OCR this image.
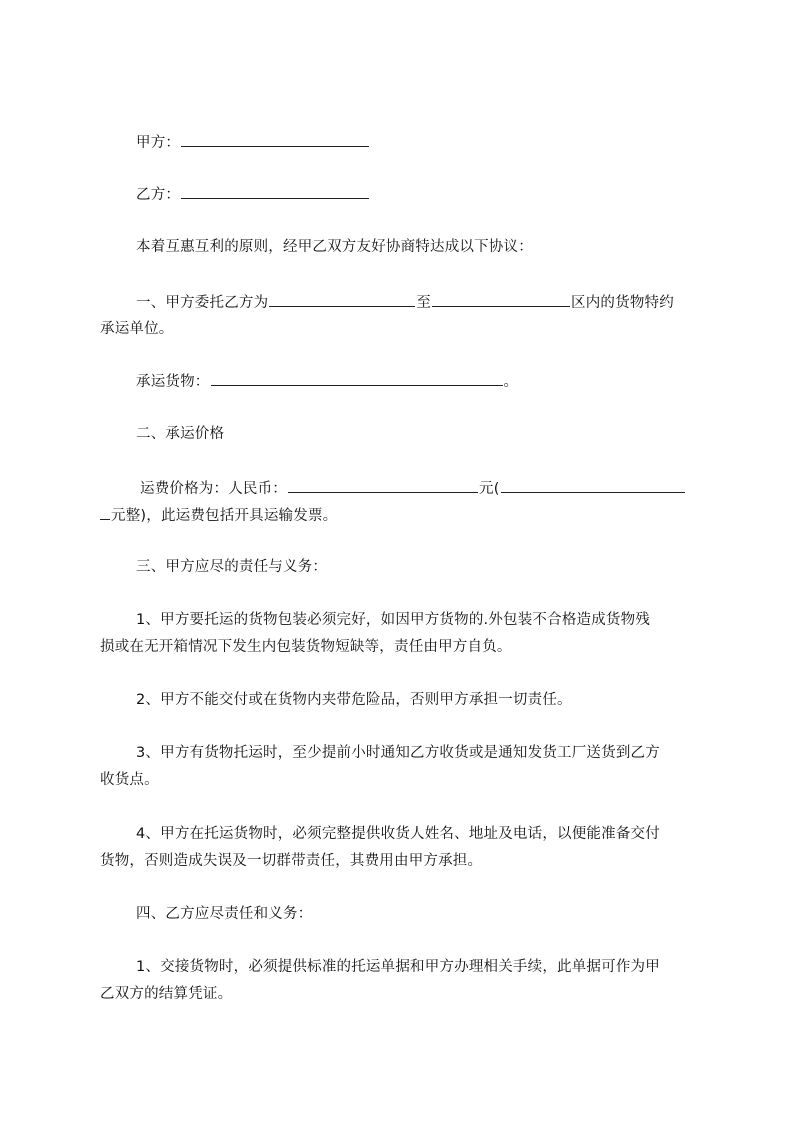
甲方：
乙方：
本着互惠互利的原则，经甲乙双方友好协商特达成以下协议：
一、甲方委托乙方为	至	区内的货物特约
承运单位。
承运货物：	。
二、承运价格
运费价格为：人民币：	元(
元整)，此运费包括开具运输发票。
三、甲方应尽的责任与义务：
1、甲方要托运的货物包装必须完好，如因甲方货物的.外包装不合格造成货物残
损或在无开箱情况下发生内包装货物短缺等，责任由甲方自负。
2、甲方不能交付或在货物内夹带危险品，否则甲方承担一切责任。
3、甲方有货物托运时，至少提前小时通知乙方收货或是通知发货工厂送货到乙方
收货点。
4、甲方在托运货物时，必须完整提供收货人姓名、地址及电话，以便能准备交付
货物，否则造成失误及一切群带责任，其费用由甲方承担。
四、乙方应尽责任和义务：
1、交接货物时，必须提供标准的托运单据和甲方办理相关手续，此单据可作为甲
乙双方的结算凭证。
